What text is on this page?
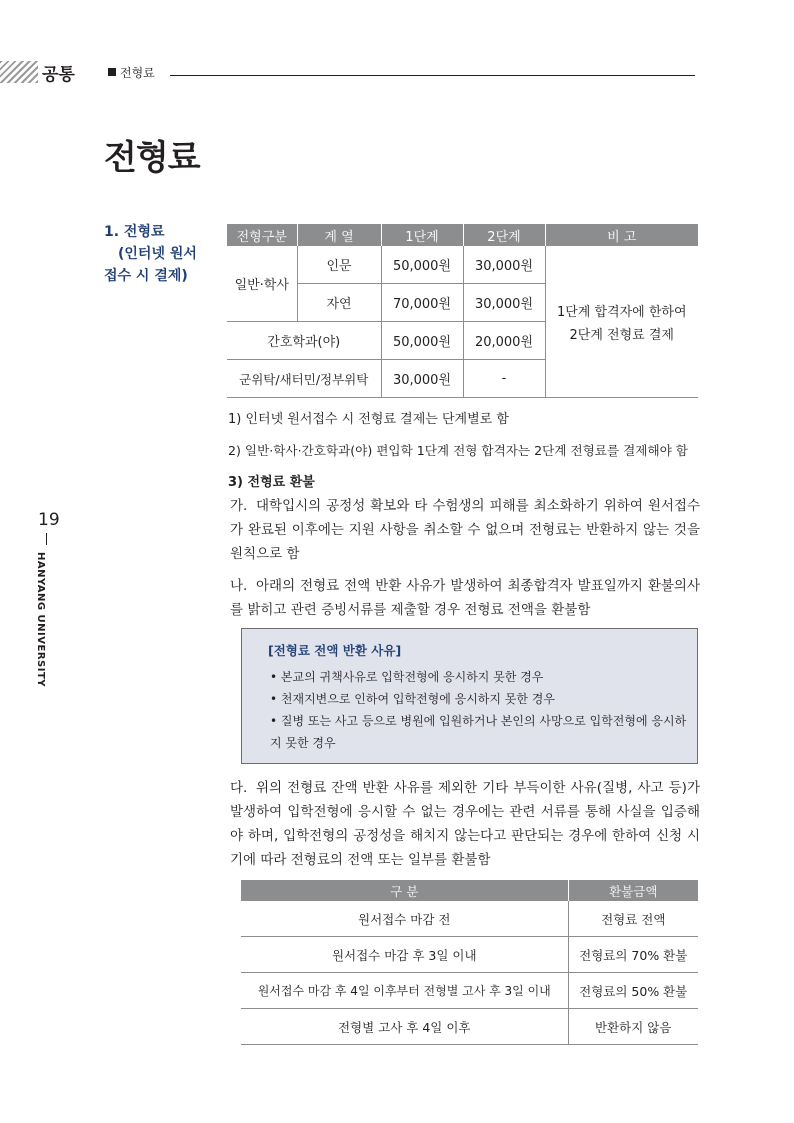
공통	전형료
전형료
19
HANYANG UNIVERSITY
1. 전형료
(인터넷 원서
접수 시 결제)
전형구분	계 열	1단계	2단계	비 고
일반·학사	인문	50,000원	30,000원	1단계 합격자에 한하여
2단계 전형료 결제

	자연	70,000원	30,000원	
간호학과(야)		50,000원	20,000원	
군위탁/새터민/정부위탁		30,000원	-	
1) 인터넷 원서접수 시 전형료 결제는 단계별로 함
2) 일반·학사·간호학과(야) 편입학 1단계 전형 합격자는 2단계 전형료를 결제해야 함
3) 전형료 환불
가. 대학입시의 공정성 확보와 타 수험생의 피해를 최소화하기 위하여 원서접수가 완료된 이후에는 지원 사항을 취소할 수 없으며 전형료는 반환하지 않는 것을 원칙으로 함
나. 아래의 전형료 전액 반환 사유가 발생하여 최종합격자 발표일까지 환불의사를 밝히고 관련 증빙서류를 제출할 경우 전형료 전액을 환불함
[전형료 전액 반환 사유]
• 본교의 귀책사유로 입학전형에 응시하지 못한 경우
• 천재지변으로 인하여 입학전형에 응시하지 못한 경우
• 질병 또는 사고 등으로 병원에 입원하거나 본인의 사망으로 입학전형에 응시하지 못한 경우
다. 위의 전형료 잔액 반환 사유를 제외한 기타 부득이한 사유(질병, 사고 등)가 발생하여 입학전형에 응시할 수 없는 경우에는 관련 서류를 통해 사실을 입증해야 하며, 입학전형의 공정성을 해치지 않는다고 판단되는 경우에 한하여 신청 시기에 따라 전형료의 전액 또는 일부를 환불함
구 분	환불금액
원서접수 마감 전	전형료 전액
원서접수 마감 후 3일 이내	전형료의 70% 환불
원서접수 마감 후 4일 이후부터 전형별 고사 후 3일 이내	전형료의 50% 환불
전형별 고사 후 4일 이후	반환하지 않음
